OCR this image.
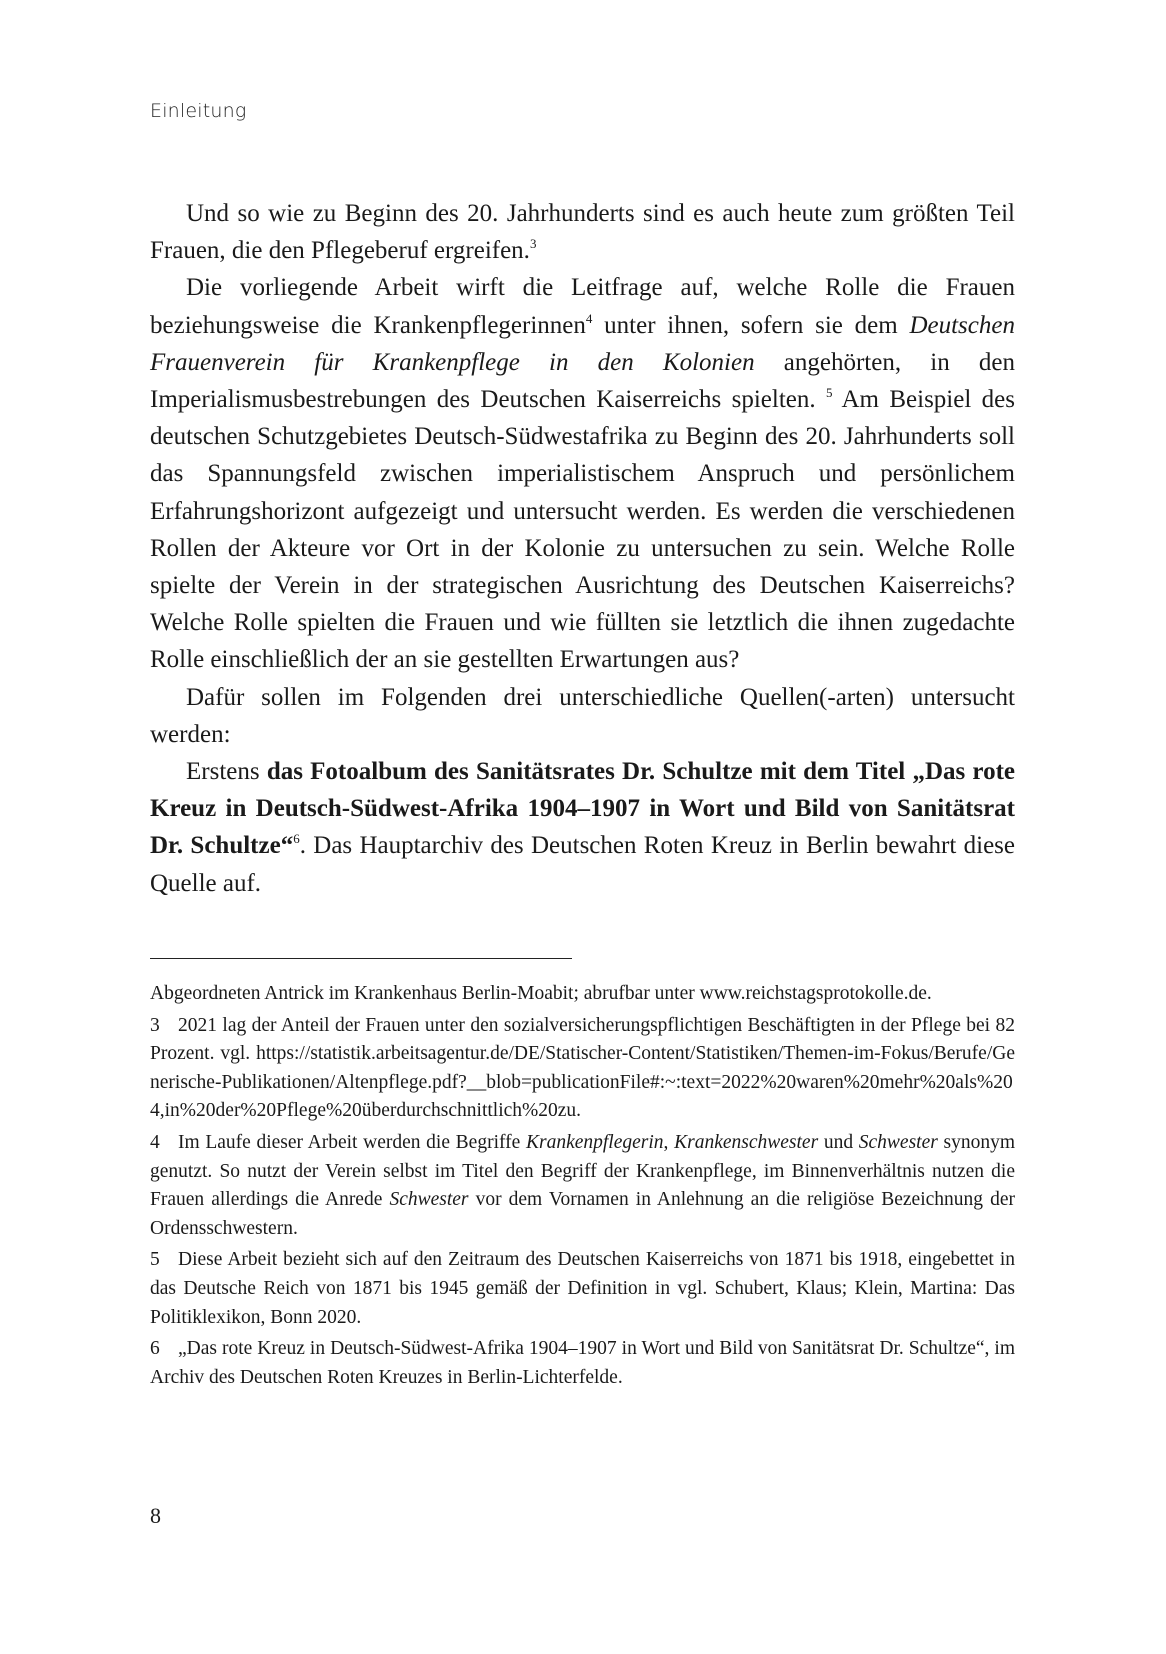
Einleitung

Und so wie zu Beginn des 20. Jahrhunderts sind es auch heute zum größten Teil Frauen, die den Pflegeberuf ergreifen.$^3$

Die vorliegende Arbeit wirft die Leitfrage auf, welche Rolle die Frauen beziehungsweise die Krankenpflegerinnen$^4$ unter ihnen, sofern sie dem Deutschen Frauenverein für Krankenpflege in den Kolonien angehörten, in den Imperialismusbestrebungen des Deutschen Kaiserreichs spielten. $^5$ Am Beispiel des deutschen Schutzgebietes Deutsch-Südwestafrika zu Beginn des 20. Jahrhunderts soll das Spannungsfeld zwischen imperialistischem Anspruch und persönlichem Erfahrungshorizont aufgezeigt und untersucht werden. Es werden die verschiedenen Rollen der Akteure vor Ort in der Kolonie zu untersuchen zu sein. Welche Rolle spielte der Verein in der strategischen Ausrichtung des Deutschen Kaiserreichs? Welche Rolle spielten die Frauen und wie füllten sie letztlich die ihnen zugedachte Rolle einschließlich der an sie gestellten Erwartungen aus?

Dafür sollen im Folgenden drei unterschiedliche Quellen(-arten) untersucht werden:

Erstens das Fotoalbum des Sanitätsrates Dr. Schultze mit dem Titel „Das rote Kreuz in Deutsch-Südwest-Afrika 1904–1907 in Wort und Bild von Sanitätsrat Dr. Schultze“$^6$. Das Hauptarchiv des Deutschen Roten Kreuz in Berlin bewahrt diese Quelle auf.

Abgeordneten Antrick im Krankenhaus Berlin-Moabit; abrufbar unter www.reichstagsprotokolle.de.

3 2021 lag der Anteil der Frauen unter den sozialversicherungspflichtigen Beschäftigten in der Pflege bei 82 Prozent. vgl. https://statistik.arbeitsagentur.de/DE/Statischer-Content/Statistiken/Themen-im-Fokus/Berufe/Generische-Publikationen/Altenpflege.pdf?__blob=publicationFile#:~:text=2022%20waren%20mehr%20als%204,in%20der%20Pflege%20überdurchschnittlich%20zu.

4 Im Laufe dieser Arbeit werden die Begriffe Krankenpflegerin, Krankenschwester und Schwester synonym genutzt. So nutzt der Verein selbst im Titel den Begriff der Krankenpflege, im Binnenverhältnis nutzen die Frauen allerdings die Anrede Schwester vor dem Vornamen in Anlehnung an die religiöse Bezeichnung der Ordensschwestern.

5 Diese Arbeit bezieht sich auf den Zeitraum des Deutschen Kaiserreichs von 1871 bis 1918, eingebettet in das Deutsche Reich von 1871 bis 1945 gemäß der Definition in vgl. Schubert, Klaus; Klein, Martina: Das Politiklexikon, Bonn 2020.

6 „Das rote Kreuz in Deutsch-Südwest-Afrika 1904–1907 in Wort und Bild von Sanitätsrat Dr. Schultze“, im Archiv des Deutschen Roten Kreuzes in Berlin-Lichterfelde.

8
